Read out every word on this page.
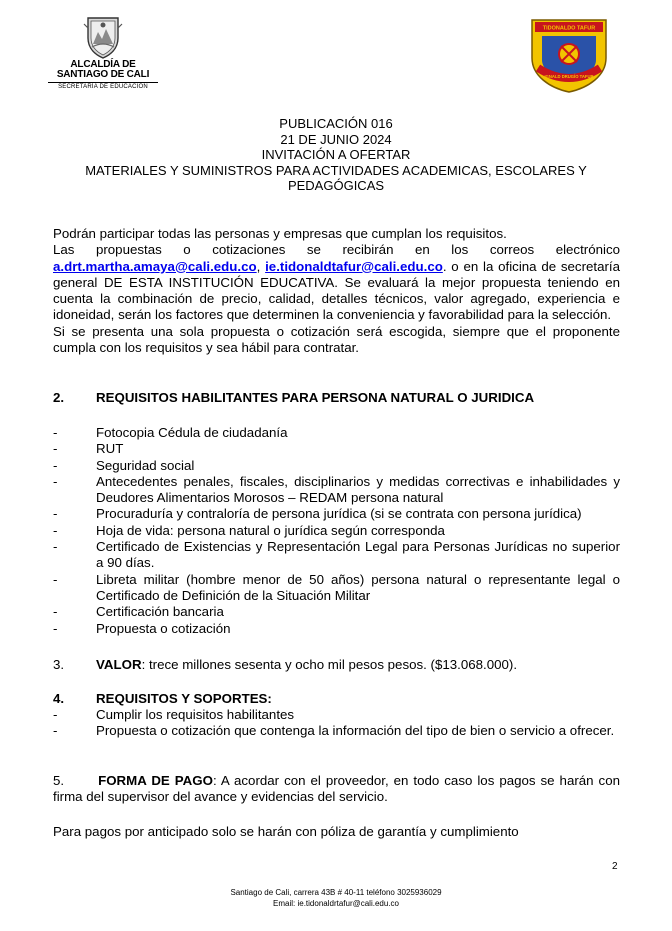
ALCALDÍA DE
SANTIAGO DE CALI
SECRETARÍA DE EDUCACIÓN
TIDONALDO TAFUR
IGNALD DRUGÍO TAFUR
PUBLICACIÓN 016
21 DE JUNIO 2024
INVITACIÓN A OFERTAR
MATERIALES Y SUMINISTROS PARA ACTIVIDADES ACADEMICAS, ESCOLARES Y
PEDAGÓGICAS
Podrán participar todas las personas y empresas que cumplan los requisitos.
Las propuestas o cotizaciones se recibirán en los correos electrónico a.drt.martha.amaya@cali.edu.co, ie.tidonaldtafur@cali.edu.co. o en la oficina de secretaría general DE ESTA INSTITUCIÓN EDUCATIVA. Se evaluará la mejor propuesta teniendo en cuenta la combinación de precio, calidad, detalles técnicos, valor agregado, experiencia e idoneidad, serán los factores que determinen la conveniencia y favorabilidad para la selección.
Si se presenta una sola propuesta o cotización será escogida, siempre que el proponente cumpla con los requisitos y sea hábil para contratar.
2. REQUISITOS HABILITANTES PARA PERSONA NATURAL O JURIDICA
-	Fotocopia Cédula de ciudadanía
-	RUT
-	Seguridad social
-	Antecedentes penales, fiscales, disciplinarios y medidas correctivas e inhabilidades y Deudores Alimentarios Morosos – REDAM persona natural
-	Procuraduría y contraloría de persona jurídica (si se contrata con persona jurídica)
-	Hoja de vida: persona natural o jurídica según corresponda
-	Certificado de Existencias y Representación Legal para Personas Jurídicas no superior a 90 días.
-	Libreta militar (hombre menor de 50 años) persona natural o representante legal o Certificado de Definición de la Situación Militar
-	Certificación bancaria
-	Propuesta o cotización
3. VALOR: trece millones sesenta y ocho mil pesos pesos. ($13.068.000).
4. REQUISITOS Y SOPORTES:
-	Cumplir los requisitos habilitantes
-	Propuesta o cotización que contenga la información del tipo de bien o servicio a ofrecer.
5.	FORMA DE PAGO: A acordar con el proveedor, en todo caso los pagos se harán con firma del supervisor del avance y evidencias del servicio.
Para pagos por anticipado solo se harán con póliza de garantía y cumplimiento
2
Santiago de Cali, carrera 43B # 40-11 teléfono 3025936029
Email: ie.tidonaldrtafur@cali.edu.co
